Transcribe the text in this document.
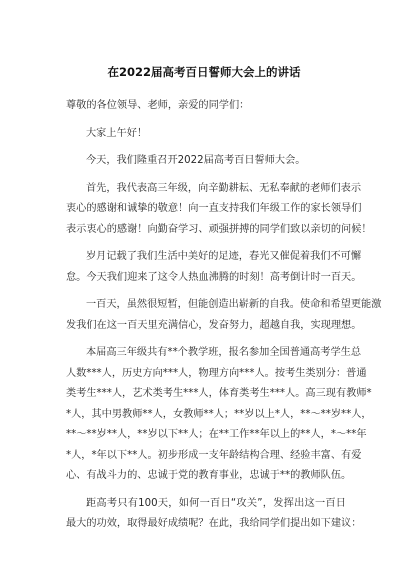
在2022届高考百日誓师大会上的讲话

尊敬的各位领导、老师，亲爱的同学们：

大家上午好！

今天，我们隆重召开2022届高考百日誓师大会。

首先，我代表高三年级，向辛勤耕耘、无私奉献的老师们表示
衷心的感谢和诚挚的敬意！向一直支持我们年级工作的家长领导们
表示衷心的感谢！向勤奋学习、顽强拼搏的同学们致以亲切的问候！

岁月记载了我们生活中美好的足迹，春光又催促着我们不可懈
怠。今天我们迎来了这令人热血沸腾的时刻！高考倒计时一百天。

一百天，虽然很短暂，但能创造出崭新的自我。使命和希望更能激
发我们在这一百天里充满信心，发奋努力，超越自我，实现理想。

本届高三年级共有**个教学班，报名参加全国普通高考学生总
人数***人，历史方向***人，物理方向***人。按考生类别分：普通
类考生***人，艺术类考生***人，体育类考生***人。高三现有教师*
*人，其中男教师**人，女教师**人；**岁以上*人，**～**岁**人，
**～**岁**人，**岁以下**人；在**工作**年以上的**人，*～**年
*人，*年以下**人。初步形成一支年龄结构合理、经验丰富、有爱
心、有战斗力的、忠诚于党的教育事业，忠诚于**的教师队伍。

距高考只有100天，如何一百日“攻关”，发挥出这一百日
最大的功效，取得最好成绩呢？在此，我给同学们提出如下建议：
